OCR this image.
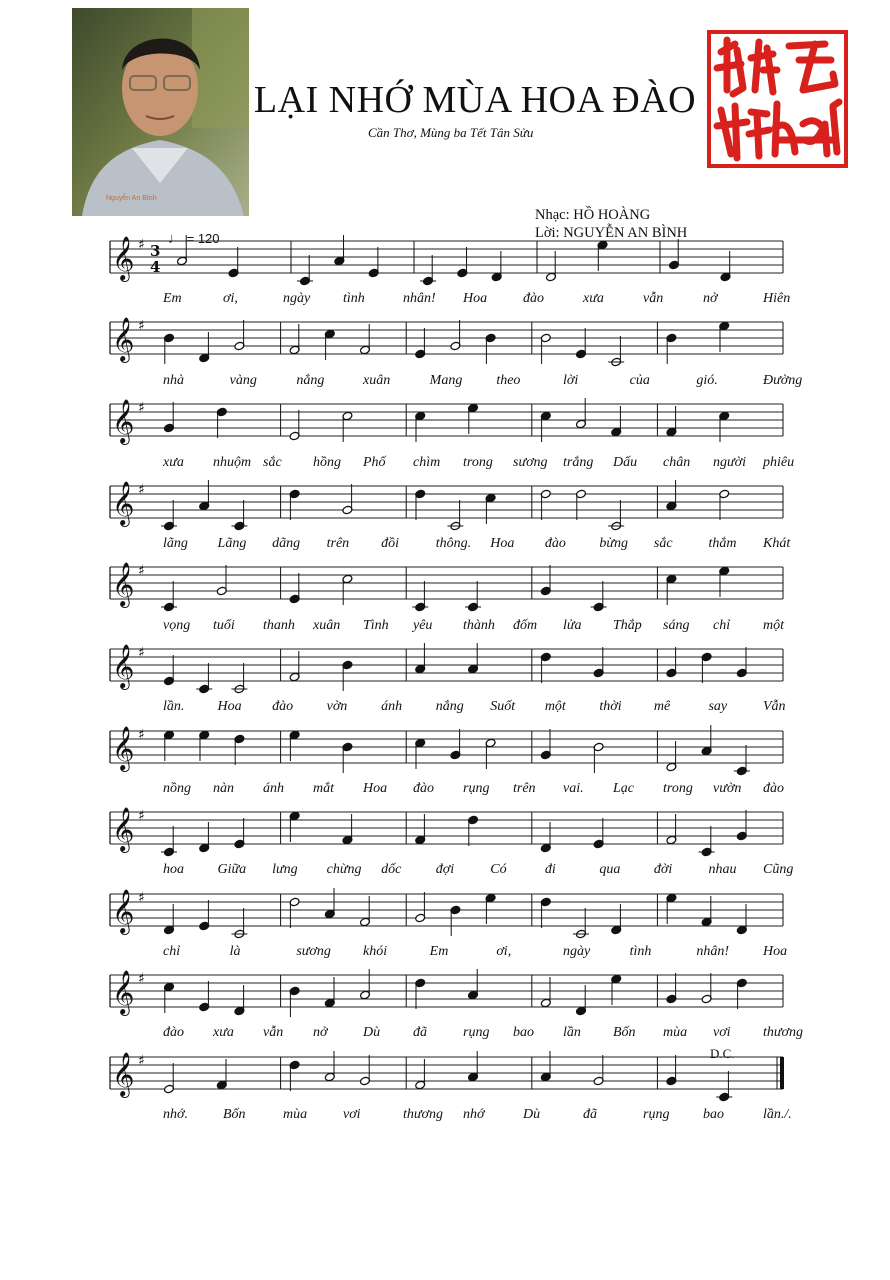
Nguyễn An Bình
LẠI NHỚ MÙA HOA ĐÀO
Cần Thơ, Mùng ba Tết Tân Sửu
Nhạc: HỒ HOÀNG
Lời: NGUYỄN AN BÌNH
♩ = 120
D.C.
𝄞 ♯ 3
4
𝄞 ♯
𝄞 ♯
𝄞 ♯
𝄞 ♯
𝄞 ♯
𝄞 ♯
𝄞 ♯
𝄞 ♯
𝄞 ♯
𝄞 ♯
Em	ơi,	ngày tình	nhân! Hoa	đào	xưa	vẫn	nở	Hiên
nhà	vàng	nắng	xuân	Mang theo	lời	của	gió.	Đường
xưa nhuộm sắc hồng Phố chìm trong sương trắng Dấu chân người phiêu
lãng Lãng dãng trên đồi	thông. Hoa đào bừng sắc	thắm Khát
vọng tuổi thanh xuân Tình yêu thành đốm lửa Thắp sáng chỉ một
lần. Hoa đào vờn ánh nắng Suốt một thời mê	say	Vẫn
nồng nàn ánh mắt Hoa đào rụng trên vai. Lạc trong vườn đào
hoa Giữa lưng chừng dốc đợi	Có	đi	qua đời	nhau Cũng
chỉ	là	sương khói	Em	ơi,	ngày	tình	nhân! Hoa
đào xưa vẫn nở	Dù đã	rụng bao lần Bốn mùa vơi thương
nhớ.	Bốn	mùa	vơi	thương nhớ	Dù	đã	rụng bao	lần./.
